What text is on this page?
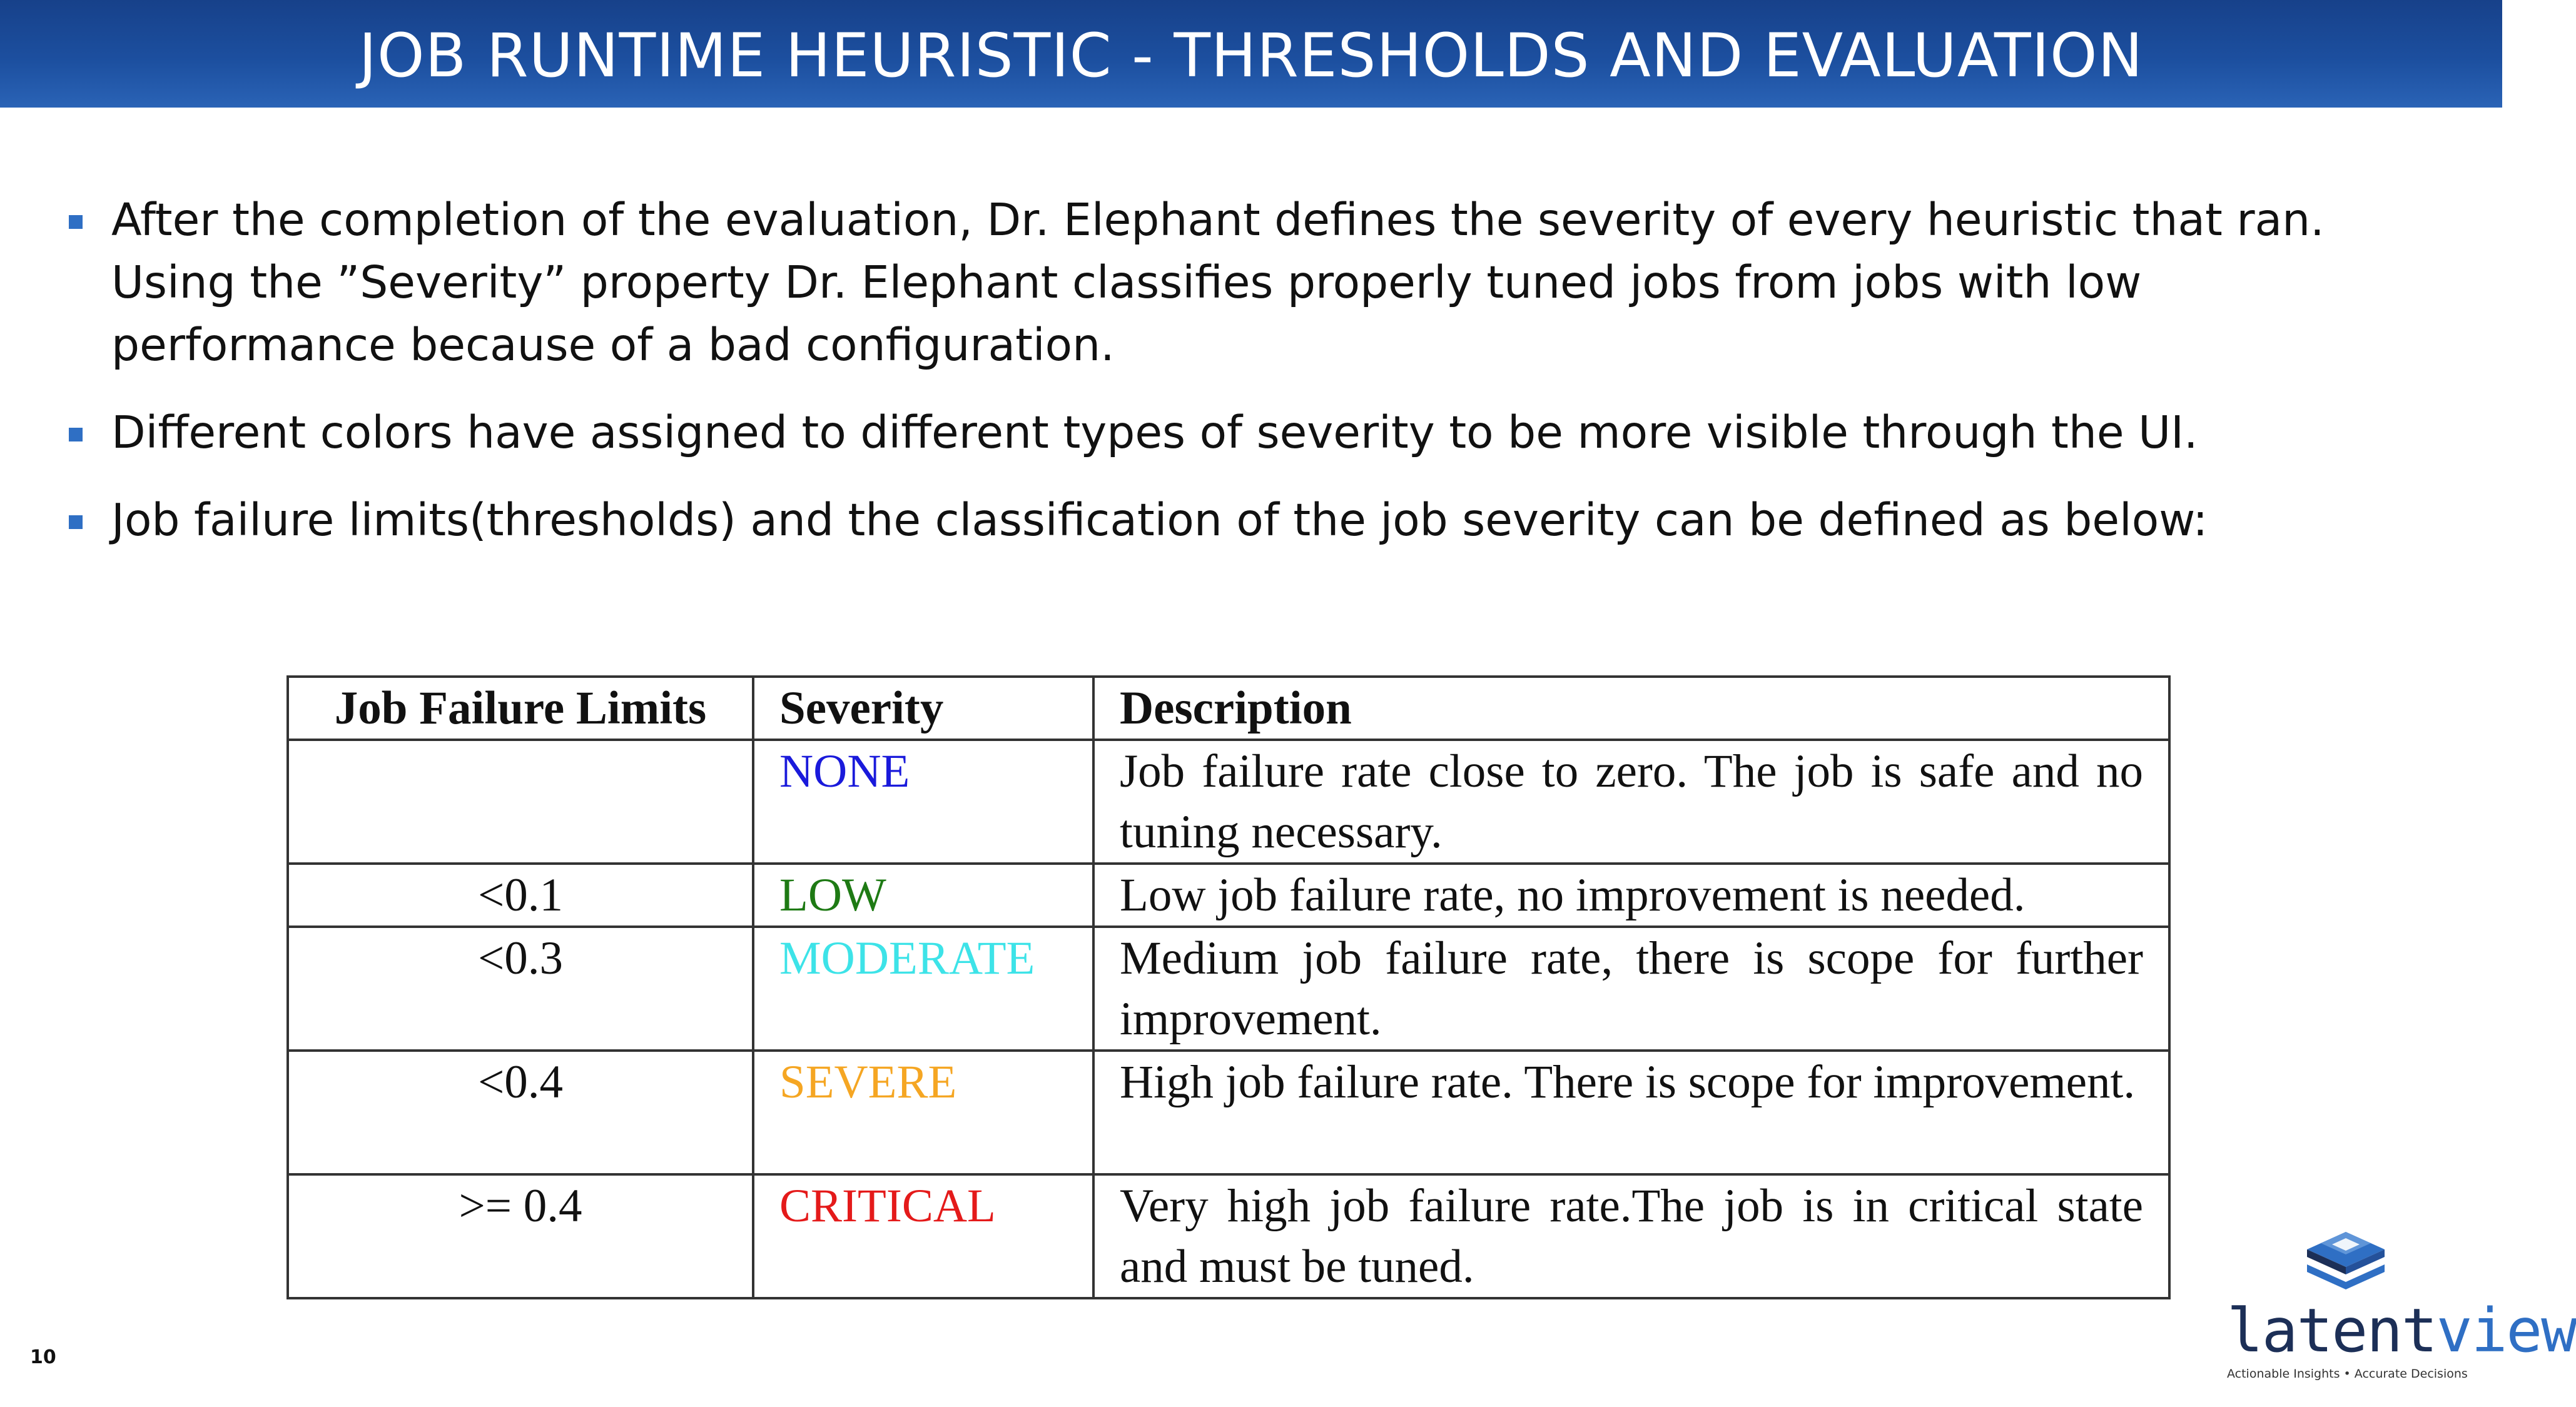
JOB RUNTIME HEURISTIC - THRESHOLDS AND EVALUATION
After the completion of the evaluation, Dr. Elephant defines the severity of every heuristic that ran. Using the ”Severity” property Dr. Elephant classifies properly tuned jobs from jobs with low performance because of a bad configuration.
Different colors have assigned to different types of severity to be more visible through the UI.
Job failure limits(thresholds) and the classification of the job severity can be defined as below:
Job Failure Limits	Severity	Description
	NONE	Job failure rate close to zero. The job is safe and no tuning necessary.
<0.1	LOW	Low job failure rate, no improvement is needed.
<0.3	MODERATE	Medium job failure rate, there is scope for further improvement.
<0.4	SEVERE	High job failure rate. There is scope for improvement.
>= 0.4	CRITICAL	Very high job failure rate.The job is in critical state and must be tuned.
10	latentview
Actionable Insights • Accurate Decisions
